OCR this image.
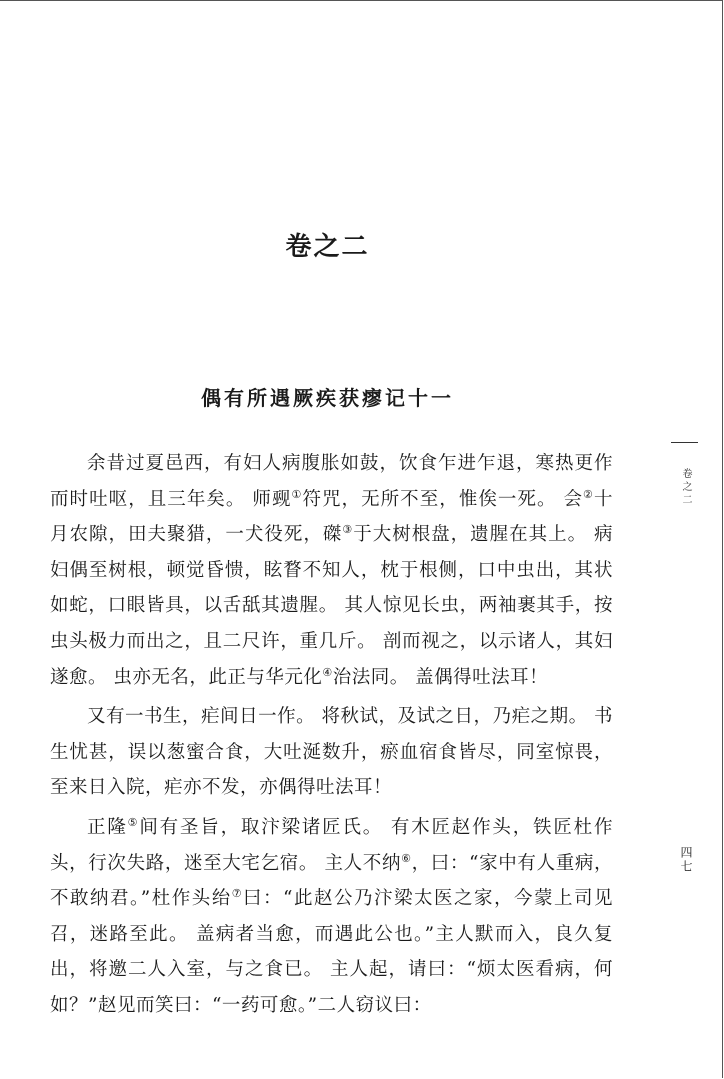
卷之二
偶有所遇厥疾获瘳记十一

余昔过夏邑西，有妇人病腹胀如鼓，饮食乍进乍退，寒热更作而时吐呕，且三年矣。 师觋①符咒，无所不至，惟俟一死。 会②十月农隙，田夫聚猎，一犬役死，磔③于大树根盘，遗腥在其上。 病妇偶至树根，顿觉昏愦，眩瞀不知人，枕于根侧，口中虫出，其状如蛇，口眼皆具，以舌舐其遗腥。 其人惊见长虫，两袖裹其手，按虫头极力而出之，且二尺许，重几斤。 剖而视之，以示诸人，其妇遂愈。 虫亦无名，此正与华元化④治法同。 盖偶得吐法耳！

又有一书生，疟间日一作。 将秋试，及试之日，乃疟之期。 书生忧甚，误以葱蜜合食，大吐涎数升，瘀血宿食皆尽，同室惊畏，至来日入院，疟亦不发，亦偶得吐法耳！

正隆⑤间有圣旨，取汴梁诸匠氏。 有木匠赵作头，铁匠杜作头，行次失路，迷至大宅乞宿。 主人不纳⑥，曰：“家中有人重病，不敢纳君。”杜作头绐⑦曰：“此赵公乃汴梁太医之家，今蒙上司见召，迷路至此。 盖病者当愈，而遇此公也。”主人默而入，良久复出，将邀二人入室，与之食已。 主人起，请曰：“烦太医看病，何如？”赵见而笑曰：“一药可愈。”二人窃议曰：

卷之二
四七
